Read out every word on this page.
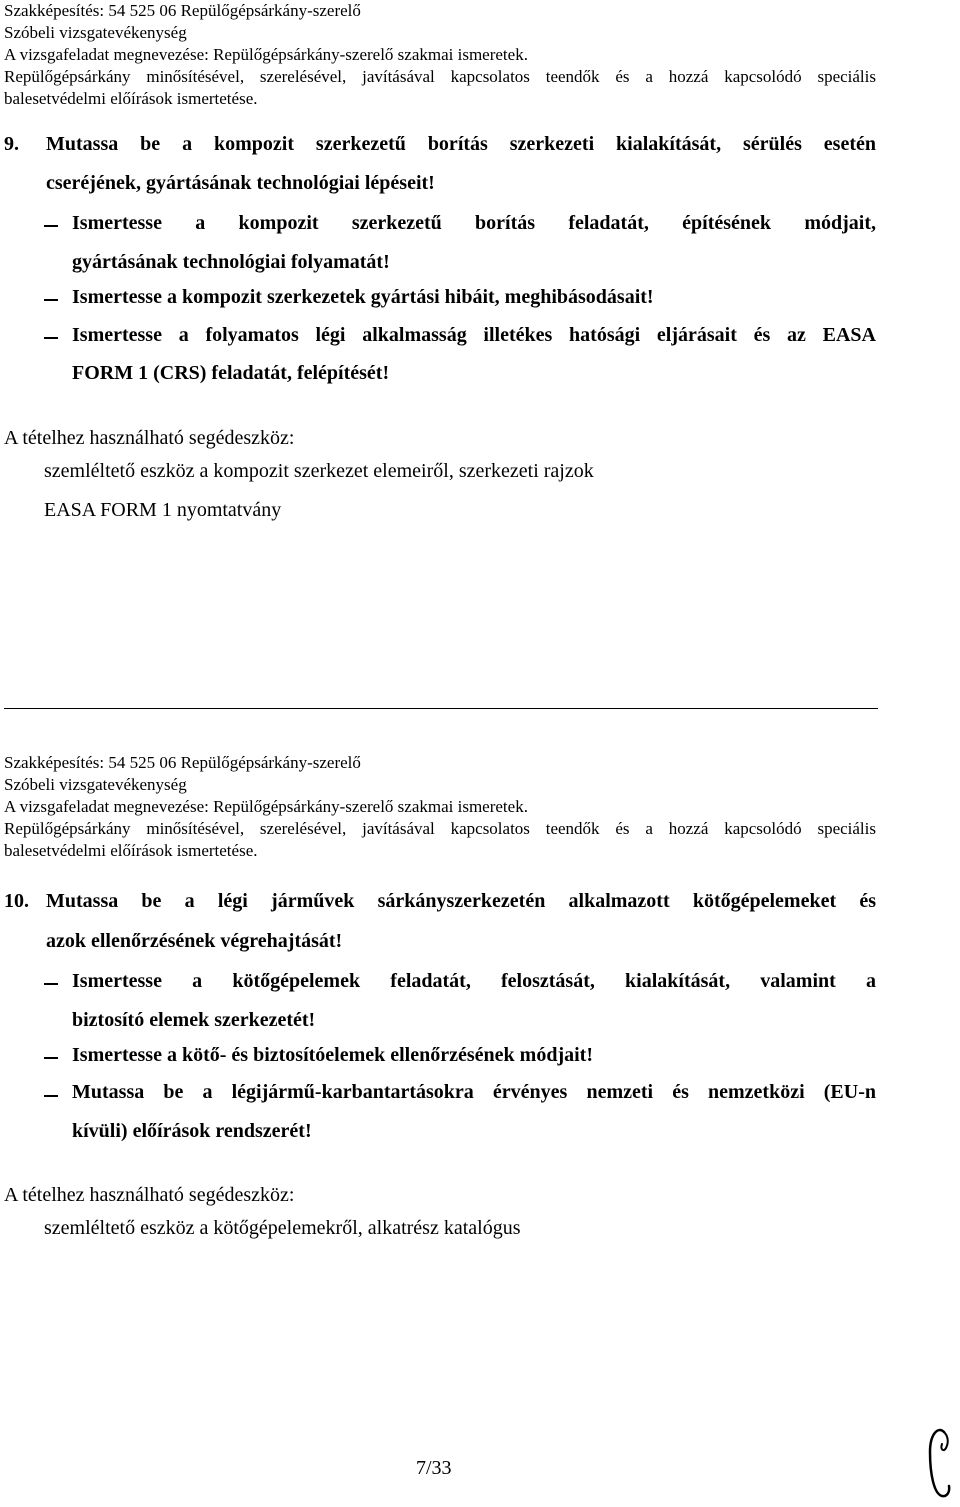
Szakképesítés: 54 525 06 Repülőgépsárkány-szerelő
Szóbeli vizsgatevékenység
A vizsgafeladat megnevezése: Repülőgépsárkány-szerelő szakmai ismeretek.
Repülőgépsárkány minősítésével, szerelésével, javításával kapcsolatos teendők és a hozzá kapcsolódó speciális
balesetvédelmi előírások ismertetése.
9. Mutassa be a kompozit szerkezetű borítás szerkezeti kialakítását, sérülés esetén
cseréjének, gyártásának technológiai lépéseit!
Ismertesse a kompozit szerkezetű borítás feladatát, építésének módjait,
gyártásának technológiai folyamatát!
Ismertesse a kompozit szerkezetek gyártási hibáit, meghibásodásait!
Ismertesse a folyamatos légi alkalmasság illetékes hatósági eljárásait és az EASA
FORM 1 (CRS) feladatát, felépítését!
A tételhez használható segédeszköz:
szemléltető eszköz a kompozit szerkezet elemeiről, szerkezeti rajzok
EASA FORM 1 nyomtatvány
Szakképesítés: 54 525 06 Repülőgépsárkány-szerelő
Szóbeli vizsgatevékenység
A vizsgafeladat megnevezése: Repülőgépsárkány-szerelő szakmai ismeretek.
Repülőgépsárkány minősítésével, szerelésével, javításával kapcsolatos teendők és a hozzá kapcsolódó speciális
balesetvédelmi előírások ismertetése.
10. Mutassa be a légi járművek sárkányszerkezetén alkalmazott kötőgépelemeket és
azok ellenőrzésének végrehajtását!
Ismertesse a kötőgépelemek feladatát, felosztását, kialakítását, valamint a
biztosító elemek szerkezetét!
Ismertesse a kötő- és biztosítóelemek ellenőrzésének módjait!
Mutassa be a légijármű-karbantartásokra érvényes nemzeti és nemzetközi (EU-n
kívüli) előírások rendszerét!
A tételhez használható segédeszköz:
szemléltető eszköz a kötőgépelemekről, alkatrész katalógus
7/33
